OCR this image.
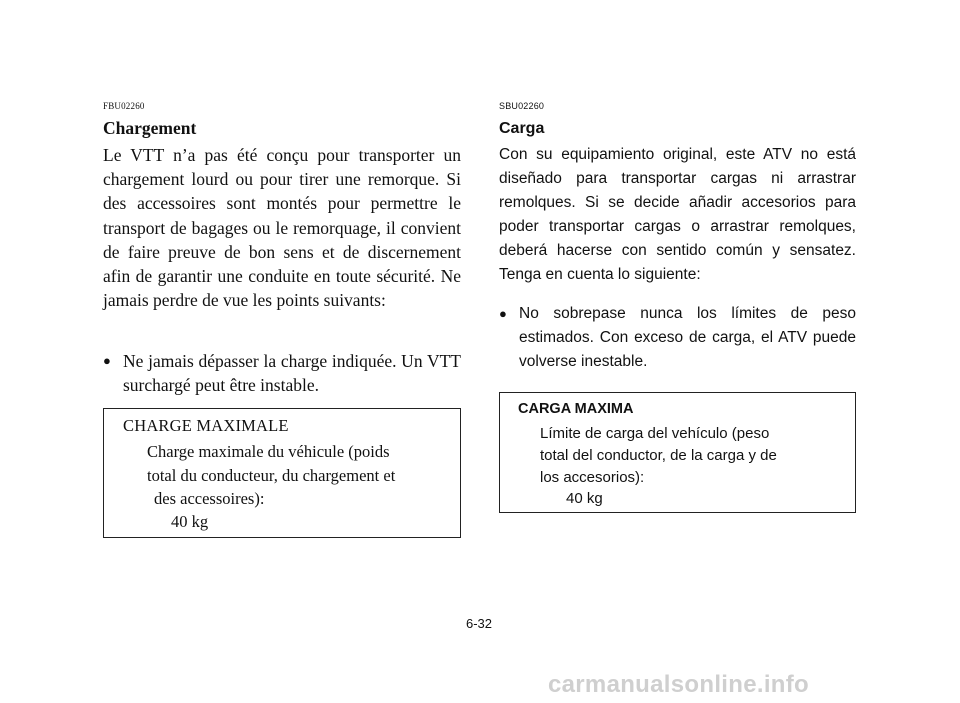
FBU02260
Chargement

Le VTT n’a pas été conçu pour transporter un chargement lourd ou pour tirer une remorque. Si des accessoires sont montés pour permettre le transport de bagages ou le remorquage, il convient de faire preuve de bon sens et de discernement afin de garantir une conduite en toute sécurité. Ne jamais perdre de vue les points suivants:

● Ne jamais dépasser la charge indiquée. Un VTT surchargé peut être instable.

CHARGE MAXIMALE
Charge maximale du véhicule (poids
total du conducteur, du chargement et
des accessoires):
40 kg
SBU02260
Carga

Con su equipamiento original, este ATV no está diseñado para transportar cargas ni arrastrar remolques. Si se decide añadir accesorios para poder transportar cargas o arrastrar remolques, deberá hacerse con sentido común y sensatez. Tenga en cuenta lo siguiente:

● No sobrepase nunca los límites de peso estimados. Con exceso de carga, el ATV puede volverse inestable.

CARGA MAXIMA
Límite de carga del vehículo (peso
total del conductor, de la carga y de
los accesorios):
40 kg
6-32
carmanualsonline.info
